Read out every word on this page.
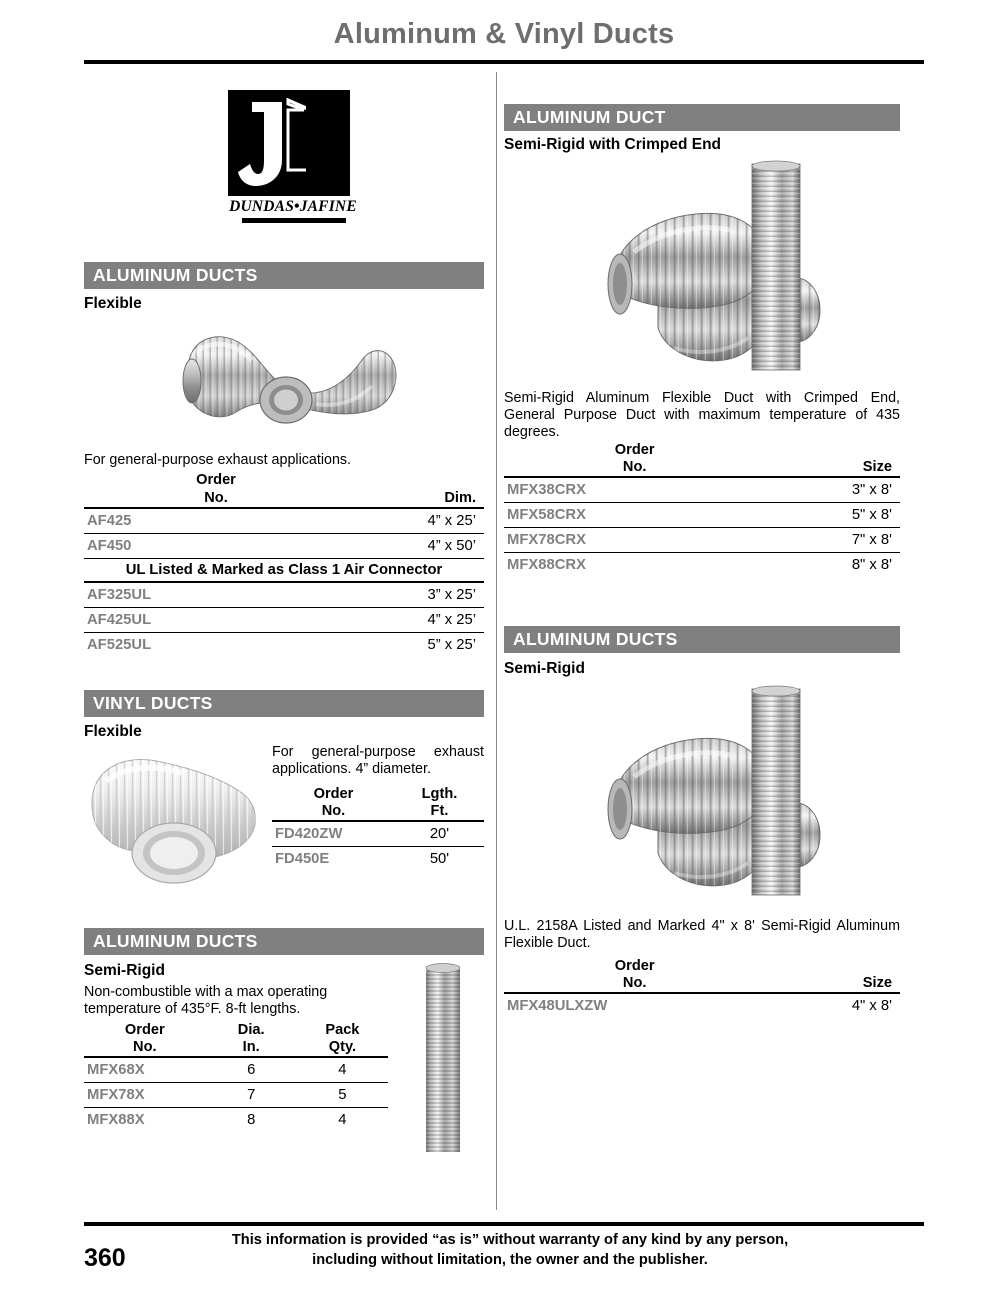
Aluminum & Vinyl Ducts
DUNDAS•JAFINE
ALUMINUM DUCTS
Flexible
For general-purpose exhaust applications.
Order	

No.	Dim.

AF425	4” x 25’
AF450	4” x 50’
UL Listed & Marked as Class 1 Air Connector	
AF325UL	3” x 25’
AF425UL	4” x 25’
AF525UL	5” x 25’
VINYL DUCTS
Flexible
For general-purpose exhaust applications. 4” diameter.
Order	Lgth.

No.	Ft.

FD420ZW	20'
FD450E	50'
ALUMINUM DUCTS
Semi-Rigid
Non-combustible with a max operating temperature of 435°F. 8-ft lengths.
Order	Dia.	Pack

No.	In.	Qty.

MFX68X	6	4
MFX78X	7	5
MFX88X	8	4
ALUMINUM DUCT
Semi-Rigid with Crimped End
Semi-Rigid Aluminum Flexible Duct with Crimped End, General Purpose Duct with maximum temperature of 435 degrees.
Order	

No.	Size

MFX38CRX	3" x 8'
MFX58CRX	5" x 8'
MFX78CRX	7" x 8'
MFX88CRX	8" x 8'
ALUMINUM DUCTS
Semi-Rigid
U.L. 2158A Listed and Marked 4" x 8' Semi-Rigid Aluminum Flexible Duct.
Order	

No.	Size

MFX48ULXZW	4" x 8'
360
This information is provided “as is” without warranty of any kind by any person,
including without limitation, the owner and the publisher.
